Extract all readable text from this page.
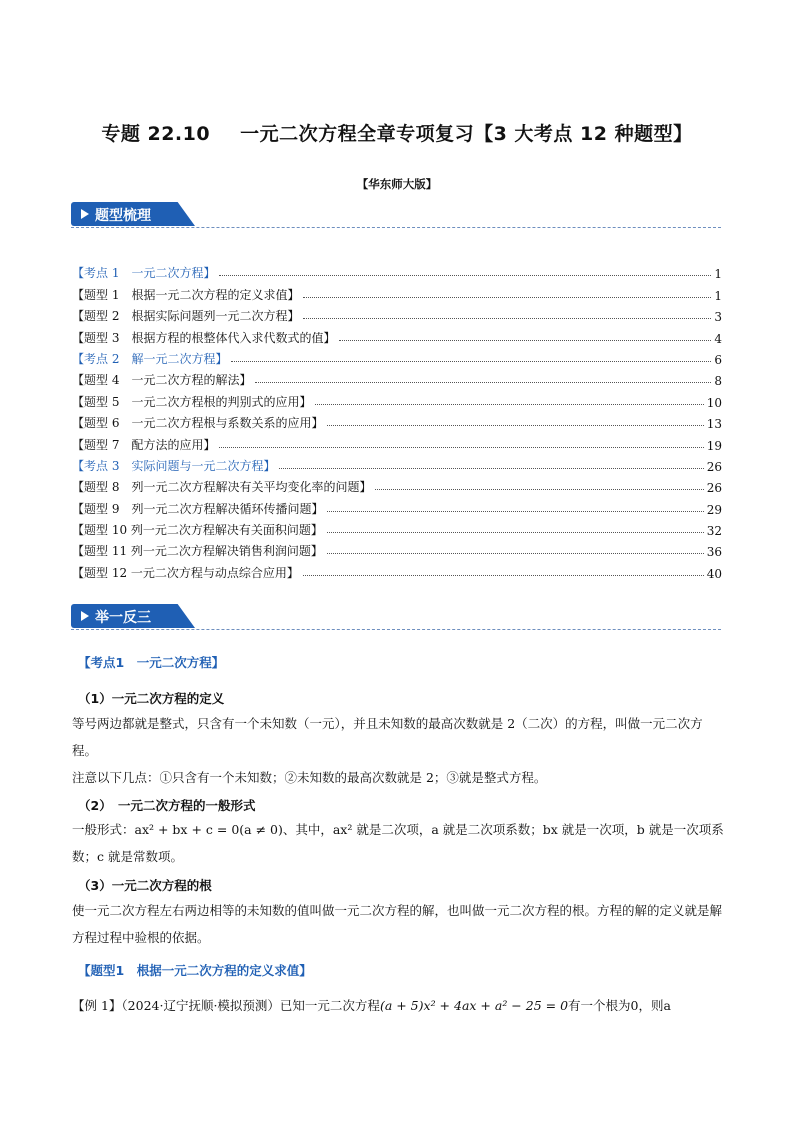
专题 22.10 一元二次方程全章专项复习【3 大考点 12 种题型】
【华东师大版】
题型梳理
【考点 1　一元二次方程】	1
【题型 1　根据一元二次方程的定义求值】	1
【题型 2　根据实际问题列一元二次方程】	3
【题型 3　根据方程的根整体代入求代数式的值】	4
【考点 2　解一元二次方程】	6
【题型 4　一元二次方程的解法】	8
【题型 5　一元二次方程根的判别式的应用】	10
【题型 6　一元二次方程根与系数关系的应用】	13
【题型 7　配方法的应用】	19
【考点 3　实际问题与一元二次方程】	26
【题型 8　列一元二次方程解决有关平均变化率的问题】	26
【题型 9　列一元二次方程解决循环传播问题】	29
【题型 10 列一元二次方程解决有关面积问题】	32
【题型 11 列一元二次方程解决销售利润问题】	36
【题型 12 一元二次方程与动点综合应用】	40
举一反三
【考点1　一元二次方程】
（1）一元二次方程的定义
等号两边都就是整式，只含有一个未知数（一元），并且未知数的最高次数就是 2（二次）的方程，叫做一元二次方程。
注意以下几点：①只含有一个未知数；②未知数的最高次数就是 2；③就是整式方程。
（2）　一元二次方程的一般形式
一般形式：ax² + bx + c = 0(a ≠ 0)、其中，ax² 就是二次项，a 就是二次项系数；bx 就是一次项，b 就是一次项系数；c 就是常数项。
（3）一元二次方程的根
使一元二次方程左右两边相等的未知数的值叫做一元二次方程的解，也叫做一元二次方程的根。方程的解的定义就是解方程过程中验根的依据。
【题型1　根据一元二次方程的定义求值】
【例 1】（2024·辽宁抚顺·模拟预测）已知一元二次方程(a + 5)x² + 4ax + a² − 25 = 0有一个根为0，则a
